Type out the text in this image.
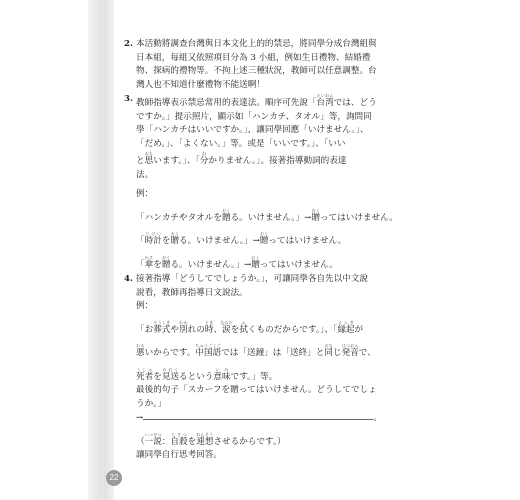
2. 本活動將調查台灣與日本文化上的的禁忌，將同學分成台灣組與
日本組，每組又依照項目分為 3 小組，例如生日禮物、結婚禮
物、探病的禮物等。不拘上述三種狀況，教師可以任意調整。台
灣人也不知道什麼禮物不能送啊！
3. 教師指導表示禁忌常用的表達法。順序可先說「台湾たいわんでは、どう
ですか。」提示照片，顯示如「ハンカチ、タオル」等，詢問同
學「ハンカチはいいですか。」，讓同學回應「いけません。」、
「だめ。」、「よくない。」等。或是「いいです。」、「いい
と思おもいます。」、「分わかりません。」。接著指導動詞的表達
法。
例：
「ハンカチやタオルを贈おくる。いけません。」→贈おくってはいけません。
「時計とけいを贈おくる。いけません。」→贈おくってはいけません。
「傘かさを贈おくる。いけません。」→贈おくってはいけません。
4. 接著指導「どうしてでしょうか。」，可讓同學各自先以中文說
說看，教師再指導日文說法。
例：
「お葬式そうしきや別わかれの時とき、涙なみだを拭ふくものだからです。」、「縁起えんぎが
悪わるいからです。中国語ちゅうごくごでは「送鐘」は「送終」と同おなじ発音はつおんで、
死者ししゃを見送みおくるという意味いみです。」等。
最後的句子「スカーフを贈ってはいけません。どうしてでしょ
うか。」
→	。
（一説いっせつ：自殺じさつを連想れんそうさせるからです。）
讓同學自行思考回答。
22
